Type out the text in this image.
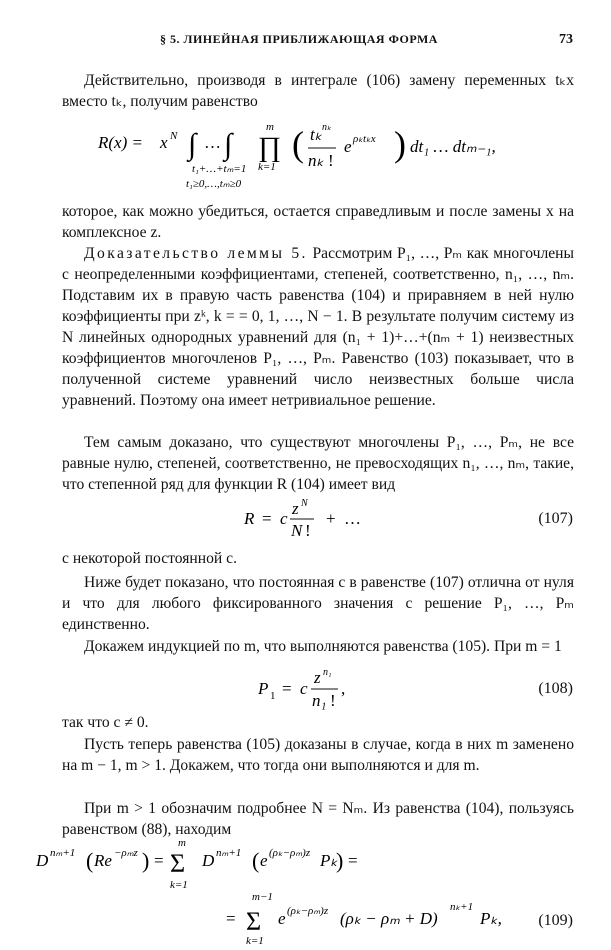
§ 5. ЛИНЕЙНАЯ ПРИБЛИЖАЮЩАЯ ФОРМА	73
Действительно, производя в интеграле (106) замену переменных tₖx вместо tₖ, получим равенство
R(x) = x N ∫ … ∫
t₁+…+tₘ=1
t₁≥0,…,tₘ≥0
m
∏
k=1
( tₖ nₖ
nₖ !
e ρₖtₖx ) dt₁ … dtₘ₋₁,
которое, как можно убедиться, остается справедливым и после замены x на комплексное z.
Доказательство леммы 5. Рассмотрим P₁, …, Pₘ как многочлены с неопределенными коэффициентами, степеней, соответственно, n₁, …, nₘ. Подставим их в правую часть равенства (104) и приравняем в ней нулю коэффициенты при zᵏ, k = = 0, 1, …, N − 1. В результате получим систему из N линейных однородных уравнений для (n₁ + 1)+…+(nₘ + 1) неизвестных коэффициентов многочленов P₁, …, Pₘ. Равенство (103) показывает, что в полученной системе уравнений число неизвестных больше числа уравнений. Поэтому она имеет нетривиальное решение.
Тем самым доказано, что существуют многочлены P₁, …, Pₘ, не все равные нулю, степеней, соответственно, не превосходящих n₁, …, nₘ, такие, что степенной ряд для функции R (104) имеет вид
R = c
z N
N !
+ …	(107)
с некоторой постоянной c.
Ниже будет показано, что постоянная c в равенстве (107) отлична от нуля и что для любого фиксированного значения c решение P₁, …, Pₘ единственно.
Докажем индукцией по m, что выполняются равенства (105). При m = 1
P 1 = c
z n₁
n₁ !
,	(108)
так что c ≠ 0.
Пусть теперь равенства (105) доказаны в случае, когда в них m заменено на m − 1, m > 1. Докажем, что тогда они выполняются и для m.
При m > 1 обозначим подробнее N = Nₘ. Из равенства (104), пользуясь равенством (88), находим
D nₘ+1 ( Re −ρₘz ) =
m
Σ
k=1
D nₘ+1 ( e (ρₖ−ρₘ)z Pₖ
) =
=
m−1
Σ
k=1
e (ρₖ−ρₘ)z (ρₖ − ρₘ + D)
nₖ+1
Pₖ, (109)
